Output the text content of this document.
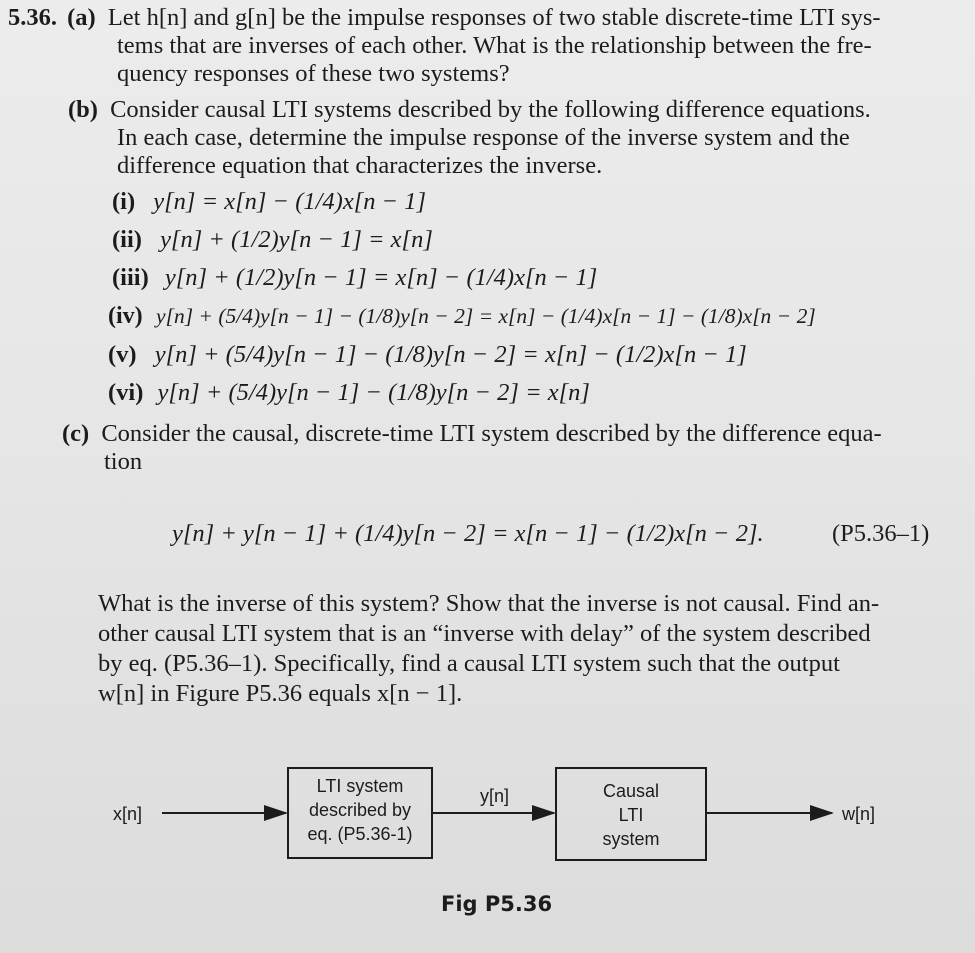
5.36. (a) Let h[n] and g[n] be the impulse responses of two stable discrete-time LTI sys-
tems that are inverses of each other. What is the relationship between the fre-
quency responses of these two systems?
(b) Consider causal LTI systems described by the following difference equations.
In each case, determine the impulse response of the inverse system and the
difference equation that characterizes the inverse.
(i) y[n] = x[n] − (1/4)x[n − 1]
(ii) y[n] + (1/2)y[n − 1] = x[n]
(iii) y[n] + (1/2)y[n − 1] = x[n] − (1/4)x[n − 1]
(iv) y[n] + (5/4)y[n − 1] − (1/8)y[n − 2] = x[n] − (1/4)x[n − 1] − (1/8)x[n − 2]
(v) y[n] + (5/4)y[n − 1] − (1/8)y[n − 2] = x[n] − (1/2)x[n − 1]
(vi) y[n] + (5/4)y[n − 1] − (1/8)y[n − 2] = x[n]
(c) Consider the causal, discrete-time LTI system described by the difference equa-
tion
y[n] + y[n − 1] + (1/4)y[n − 2] = x[n − 1] − (1/2)x[n − 2].	(P5.36–1)
What is the inverse of this system? Show that the inverse is not causal. Find an-
other causal LTI system that is an “inverse with delay” of the system described
by eq. (P5.36–1). Specifically, find a causal LTI system such that the output
w[n] in Figure P5.36 equals x[n − 1].
x[n]
LTI system
described by
eq. (P5.36-1)
y[n]	Causal
LTI
system
w[n]
Fig P5.36
